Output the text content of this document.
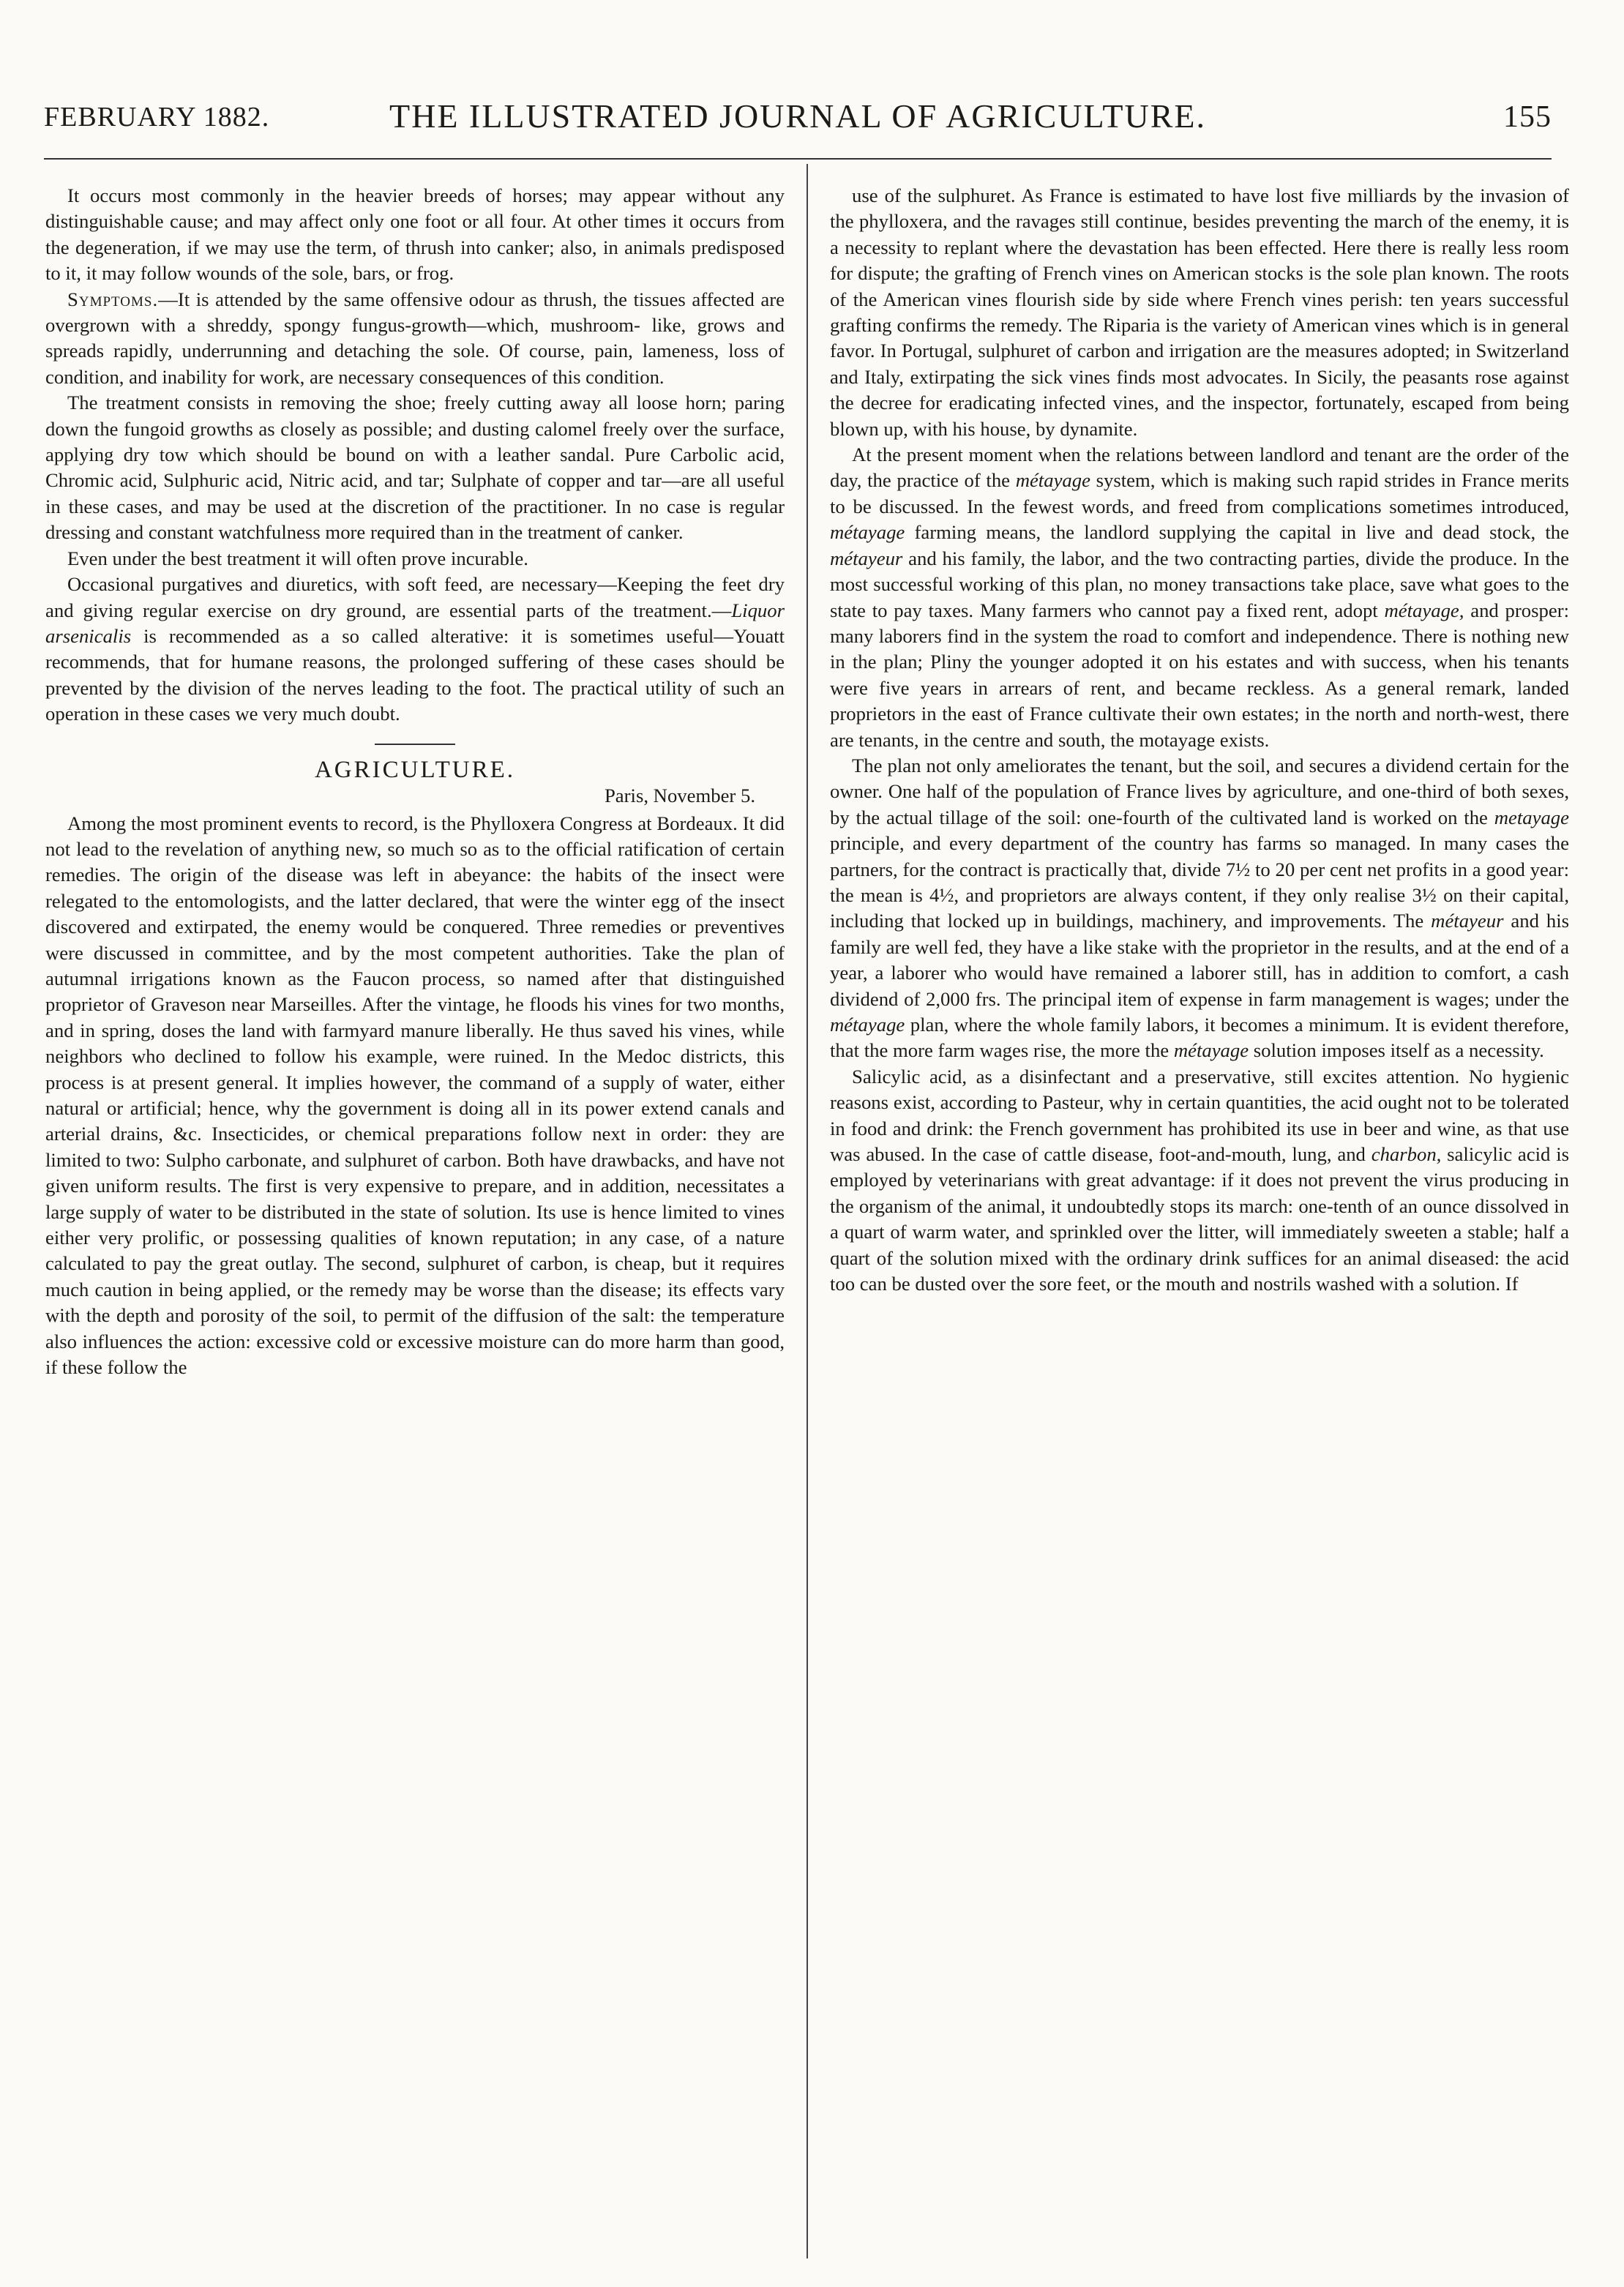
FEBRUARY 1882.	THE ILLUSTRATED JOURNAL OF AGRICULTURE.	155

It occurs most commonly in the heavier breeds of horses; may appear without any distinguishable cause; and may affect only one foot or all four. At other times it occurs from the degeneration, if we may use the term, of thrush into canker; also, in animals predisposed to it, it may follow wounds of the sole, bars, or frog.

Symptoms.—It is attended by the same offensive odour as thrush, the tissues affected are overgrown with a shreddy, spongy fungus-growth—which, mushroom- like, grows and spreads rapidly, underrunning and detaching the sole. Of course, pain, lameness, loss of condition, and inability for work, are necessary consequences of this condition.

The treatment consists in removing the shoe; freely cutting away all loose horn; paring down the fungoid growths as closely as possible; and dusting calomel freely over the surface, applying dry tow which should be bound on with a leather sandal. Pure Carbolic acid, Chromic acid, Sulphuric acid, Nitric acid, and tar; Sulphate of copper and tar—are all useful in these cases, and may be used at the discretion of the practitioner. In no case is regular dressing and constant watchfulness more required than in the treatment of canker.

Even under the best treatment it will often prove incurable.

Occasional purgatives and diuretics, with soft feed, are necessary—Keeping the feet dry and giving regular exercise on dry ground, are essential parts of the treatment.—Liquor arsenicalis is recommended as a so called alterative: it is sometimes useful—Youatt recommends, that for humane reasons, the prolonged suffering of these cases should be prevented by the division of the nerves leading to the foot. The practical utility of such an operation in these cases we very much doubt.

AGRICULTURE.
Paris, November 5.

Among the most prominent events to record, is the Phylloxera Congress at Bordeaux. It did not lead to the revelation of anything new, so much so as to the official ratification of certain remedies. The origin of the disease was left in abeyance: the habits of the insect were relegated to the entomologists, and the latter declared, that were the winter egg of the insect discovered and extirpated, the enemy would be conquered. Three remedies or preventives were discussed in committee, and by the most competent authorities. Take the plan of autumnal irrigations known as the Faucon process, so named after that distinguished proprietor of Graveson near Marseilles. After the vintage, he floods his vines for two months, and in spring, doses the land with farmyard manure liberally. He thus saved his vines, while neighbors who declined to follow his example, were ruined. In the Medoc districts, this process is at present general. It implies however, the command of a supply of water, either natural or artificial; hence, why the government is doing all in its power extend canals and arterial drains, &c. Insecticides, or chemical preparations follow next in order: they are limited to two: Sulpho carbonate, and sulphuret of carbon. Both have drawbacks, and have not given uniform results. The first is very expensive to prepare, and in addition, necessitates a large supply of water to be distributed in the state of solution. Its use is hence limited to vines either very prolific, or possessing qualities of known reputation; in any case, of a nature calculated to pay the great outlay. The second, sulphuret of carbon, is cheap, but it requires much caution in being applied, or the remedy may be worse than the disease; its effects vary with the depth and porosity of the soil, to permit of the diffusion of the salt: the temperature also influences the action: excessive cold or excessive moisture can do more harm than good, if these follow the

use of the sulphuret. As France is estimated to have lost five milliards by the invasion of the phylloxera, and the ravages still continue, besides preventing the march of the enemy, it is a necessity to replant where the devastation has been effected. Here there is really less room for dispute; the grafting of French vines on American stocks is the sole plan known. The roots of the American vines flourish side by side where French vines perish: ten years successful grafting confirms the remedy. The Riparia is the variety of American vines which is in general favor. In Portugal, sulphuret of carbon and irrigation are the measures adopted; in Switzerland and Italy, extirpating the sick vines finds most advocates. In Sicily, the peasants rose against the decree for eradicating infected vines, and the inspector, fortunately, escaped from being blown up, with his house, by dynamite.

At the present moment when the relations between landlord and tenant are the order of the day, the practice of the métayage system, which is making such rapid strides in France merits to be discussed. In the fewest words, and freed from complications sometimes introduced, métayage farming means, the landlord supplying the capital in live and dead stock, the métayeur and his family, the labor, and the two contracting parties, divide the produce. In the most successful working of this plan, no money transactions take place, save what goes to the state to pay taxes. Many farmers who cannot pay a fixed rent, adopt métayage, and prosper: many laborers find in the system the road to comfort and independence. There is nothing new in the plan; Pliny the younger adopted it on his estates and with success, when his tenants were five years in arrears of rent, and became reckless. As a general remark, landed proprietors in the east of France cultivate their own estates; in the north and north-west, there are tenants, in the centre and south, the motayage exists.

The plan not only ameliorates the tenant, but the soil, and secures a dividend certain for the owner. One half of the population of France lives by agriculture, and one-third of both sexes, by the actual tillage of the soil: one-fourth of the cultivated land is worked on the metayage principle, and every department of the country has farms so managed. In many cases the partners, for the contract is practically that, divide 7½ to 20 per cent net profits in a good year: the mean is 4½, and proprietors are always content, if they only realise 3½ on their capital, including that locked up in buildings, machinery, and improvements. The métayeur and his family are well fed, they have a like stake with the proprietor in the results, and at the end of a year, a laborer who would have remained a laborer still, has in addition to comfort, a cash dividend of 2,000 frs. The principal item of expense in farm management is wages; under the métayage plan, where the whole family labors, it becomes a minimum. It is evident therefore, that the more farm wages rise, the more the métayage solution imposes itself as a necessity.

Salicylic acid, as a disinfectant and a preservative, still excites attention. No hygienic reasons exist, according to Pasteur, why in certain quantities, the acid ought not to be tolerated in food and drink: the French government has prohibited its use in beer and wine, as that use was abused. In the case of cattle disease, foot-and-mouth, lung, and charbon, salicylic acid is employed by veterinarians with great advantage: if it does not prevent the virus producing in the organism of the animal, it undoubtedly stops its march: one-tenth of an ounce dissolved in a quart of warm water, and sprinkled over the litter, will immediately sweeten a stable; half a quart of the solution mixed with the ordinary drink suffices for an animal diseased: the acid too can be dusted over the sore feet, or the mouth and nostrils washed with a solution. If
